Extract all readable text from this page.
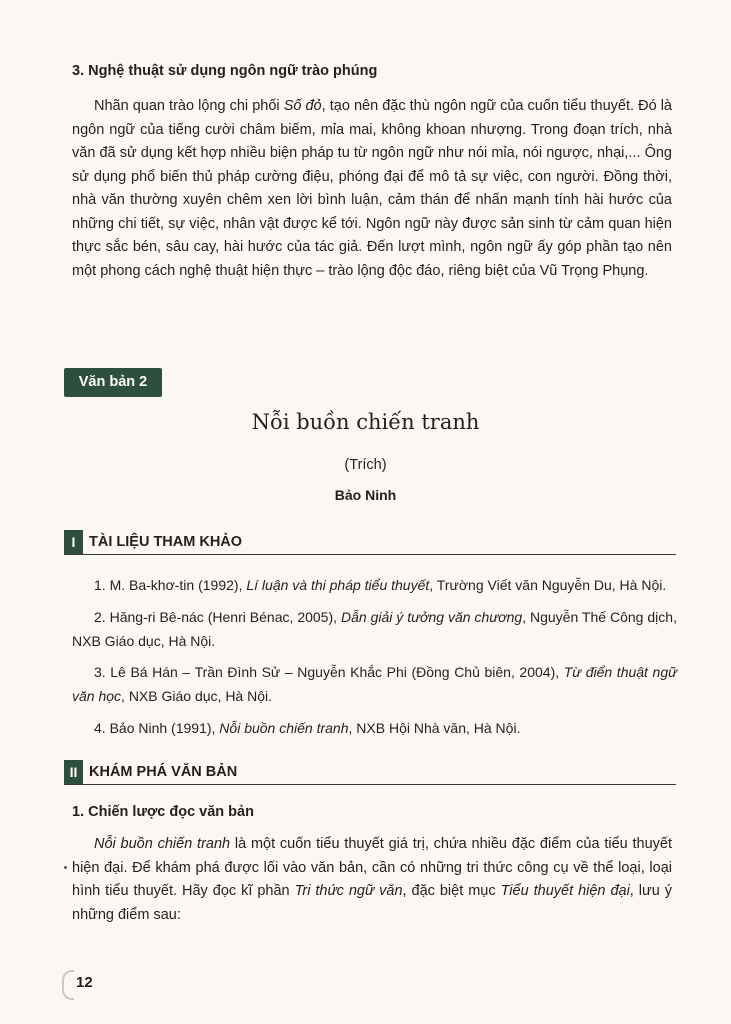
3. Nghệ thuật sử dụng ngôn ngữ trào phúng
Nhãn quan trào lộng chi phối Số đỏ, tạo nên đặc thù ngôn ngữ của cuốn tiểu thuyết. Đó là ngôn ngữ của tiếng cười châm biếm, mỉa mai, không khoan nhượng. Trong đoạn trích, nhà văn đã sử dụng kết hợp nhiều biện pháp tu từ ngôn ngữ như nói mỉa, nói ngược, nhại,... Ông sử dụng phổ biến thủ pháp cường điệu, phóng đại để mô tả sự việc, con người. Đồng thời, nhà văn thường xuyên chêm xen lời bình luận, cảm thán để nhấn mạnh tính hài hước của những chi tiết, sự việc, nhân vật được kể tới. Ngôn ngữ này được sản sinh từ cảm quan hiện thực sắc bén, sâu cay, hài hước của tác giả. Đến lượt mình, ngôn ngữ ấy góp phần tạo nên một phong cách nghệ thuật hiện thực – trào lộng độc đáo, riêng biệt của Vũ Trọng Phụng.
Văn bản 2
Nỗi buồn chiến tranh
(Trích)
Bảo Ninh
I TÀI LIỆU THAM KHẢO
1. M. Ba-khơ-tin (1992), Lí luận và thi pháp tiểu thuyết, Trường Viết văn Nguyễn Du, Hà Nội.
2. Hăng-ri Bê-nác (Henri Bénac, 2005), Dẫn giải ý tưởng văn chương, Nguyễn Thế Công dịch, NXB Giáo dục, Hà Nội.
3. Lê Bá Hán – Trần Đình Sử – Nguyễn Khắc Phi (Đồng Chủ biên, 2004), Từ điển thuật ngữ văn học, NXB Giáo dục, Hà Nội.
4. Bảo Ninh (1991), Nỗi buồn chiến tranh, NXB Hội Nhà văn, Hà Nội.
II KHÁM PHÁ VĂN BẢN
1. Chiến lược đọc văn bản
Nỗi buồn chiến tranh là một cuốn tiểu thuyết giá trị, chứa nhiều đặc điểm của tiểu thuyết hiện đại. Để khám phá được lối vào văn bản, cần có những tri thức công cụ về thể loại, loại hình tiểu thuyết. Hãy đọc kĩ phần Tri thức ngữ văn, đặc biệt mục Tiểu thuyết hiện đại, lưu ý những điểm sau:
12
